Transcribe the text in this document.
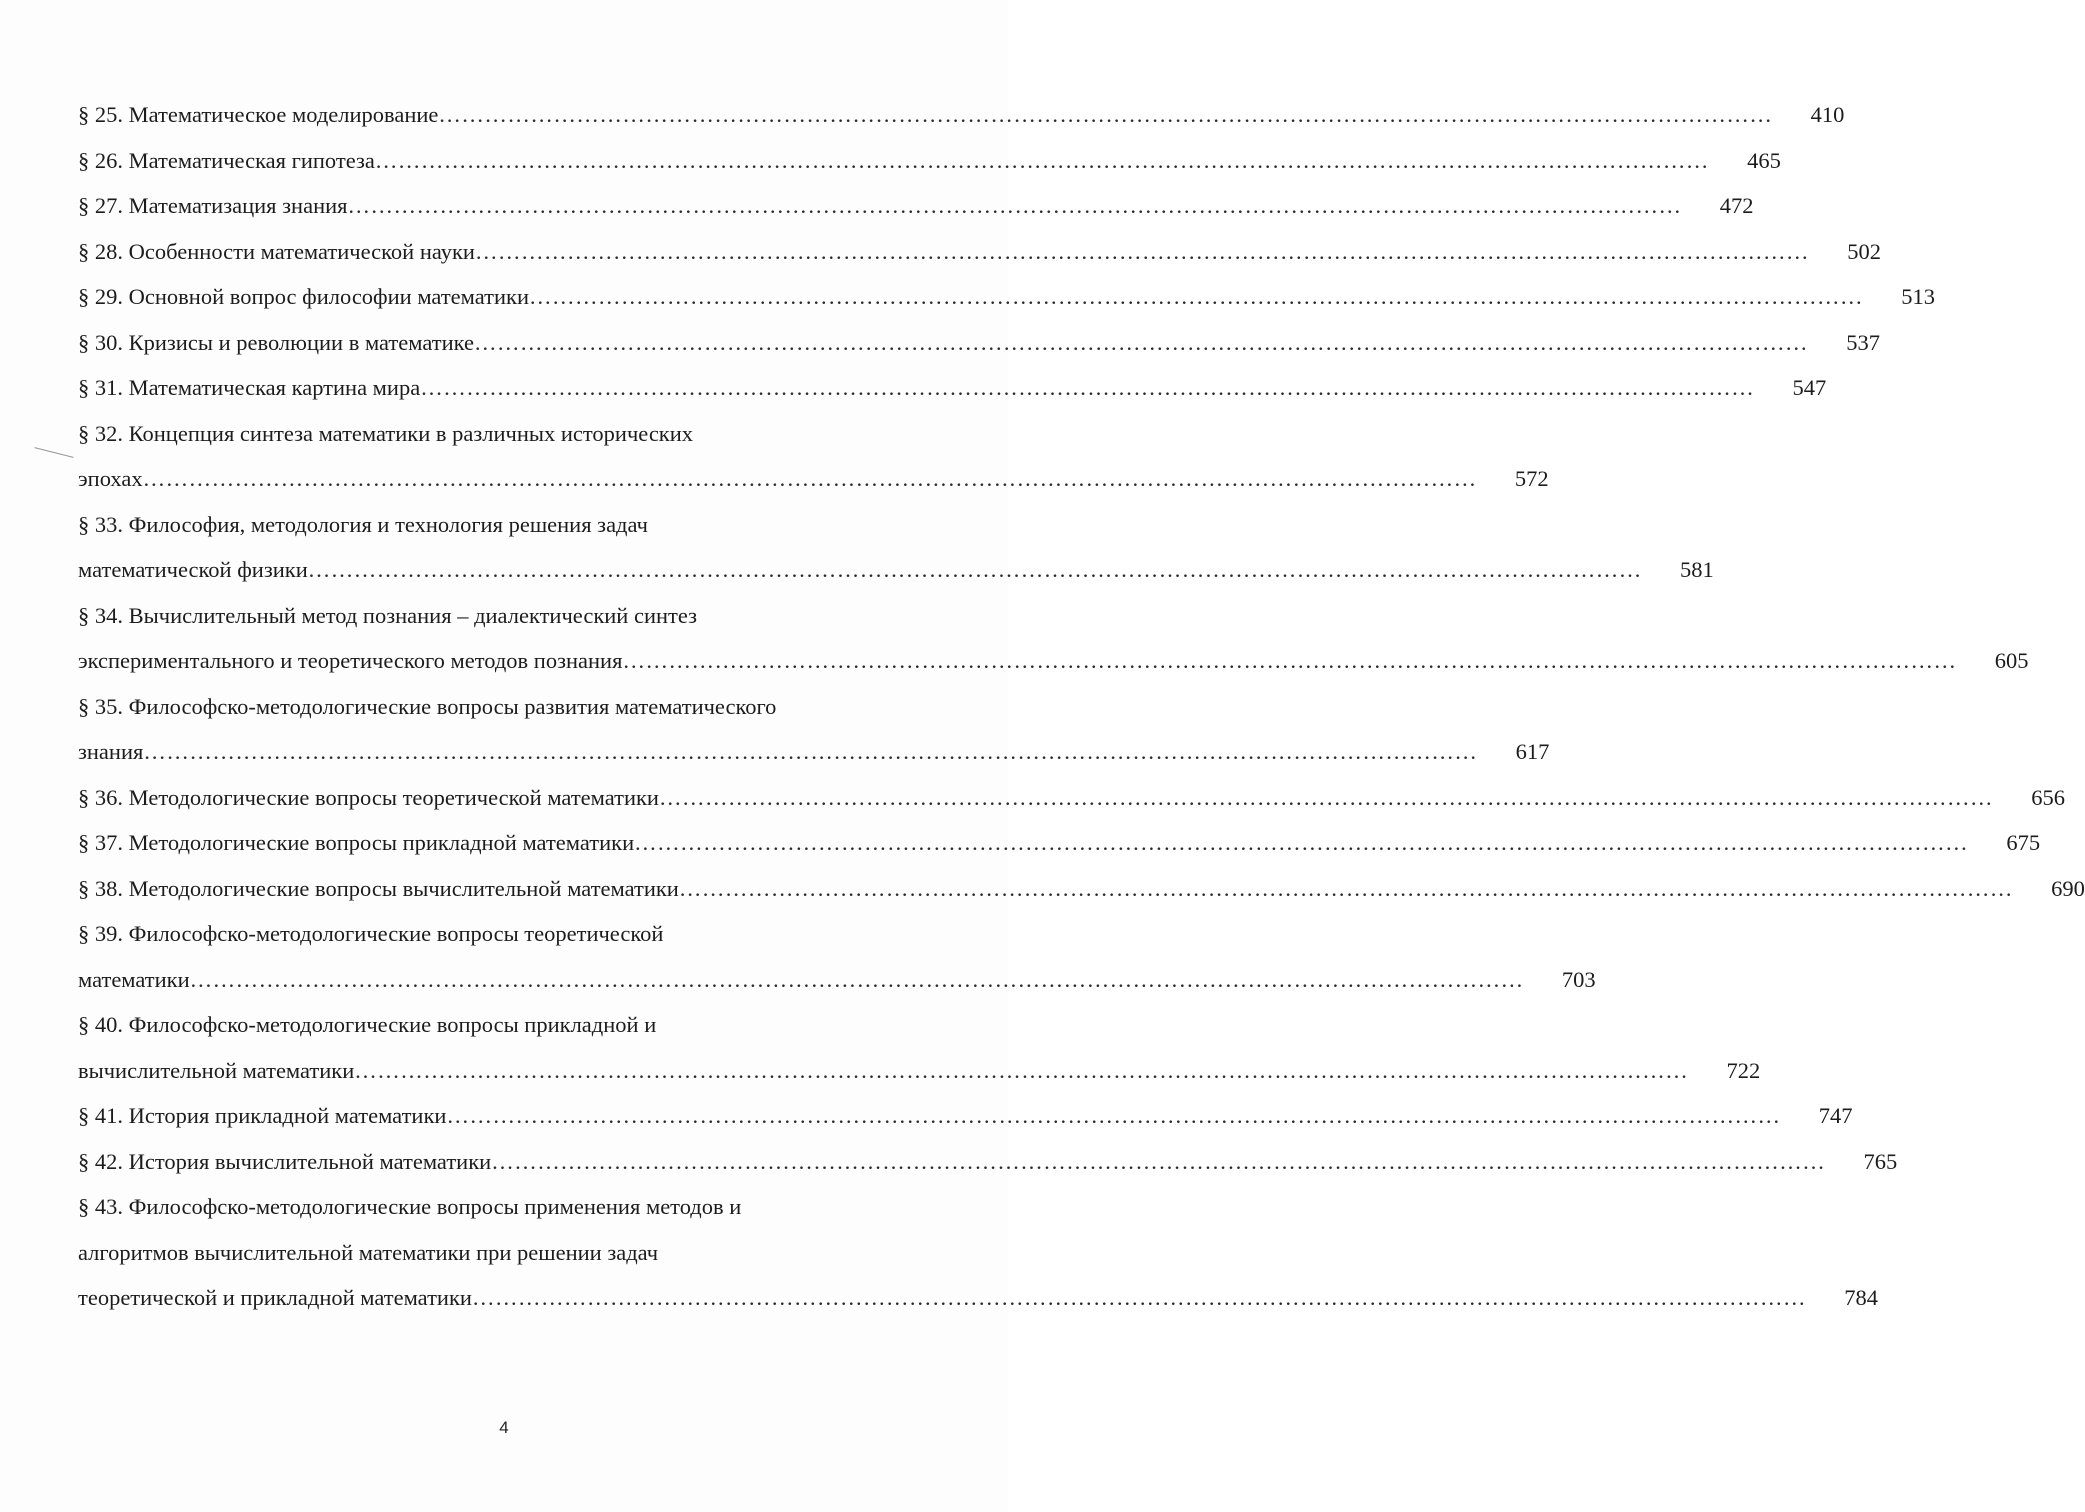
§ 25. Математическое моделирование …………………………………………………………………………………………………………………………………………………………	410
§ 26. Математическая гипотеза …………………………………………………………………………………………………………………………………………………………	465
§ 27. Математизация знания …………………………………………………………………………………………………………………………………………………………	472
§ 28. Особенности математической науки …………………………………………………………………………………………………………………………………………………………	502
§ 29. Основной вопрос философии математики …………………………………………………………………………………………………………………………………………………………	513
§ 30. Кризисы и революции в математике …………………………………………………………………………………………………………………………………………………………	537
§ 31. Математическая картина мира …………………………………………………………………………………………………………………………………………………………	547
§ 32. Концепция синтеза математики в различных исторических
эпохах …………………………………………………………………………………………………………………………………………………………	572
§ 33. Философия, методология и технология решения задач
математической физики …………………………………………………………………………………………………………………………………………………………	581
§ 34. Вычислительный метод познания – диалектический синтез
экспериментального и теоретического методов познания …………………………………………………………………………………………………………………………………………………………	605
§ 35. Философско-методологические вопросы развития математического
знания …………………………………………………………………………………………………………………………………………………………	617
§ 36. Методологические вопросы теоретической математики …………………………………………………………………………………………………………………………………………………………	656
§ 37. Методологические вопросы прикладной математики …………………………………………………………………………………………………………………………………………………………	675
§ 38. Методологические вопросы вычислительной математики …………………………………………………………………………………………………………………………………………………………	690
§ 39. Философско-методологические вопросы теоретической
математики …………………………………………………………………………………………………………………………………………………………	703
§ 40. Философско-методологические вопросы прикладной и
вычислительной математики …………………………………………………………………………………………………………………………………………………………	722
§ 41. История прикладной математики …………………………………………………………………………………………………………………………………………………………	747
§ 42. История вычислительной математики …………………………………………………………………………………………………………………………………………………………	765
§ 43. Философско-методологические вопросы применения методов и
алгоритмов вычислительной математики при решении задач
теоретической и прикладной математики …………………………………………………………………………………………………………………………………………………………	784
4
